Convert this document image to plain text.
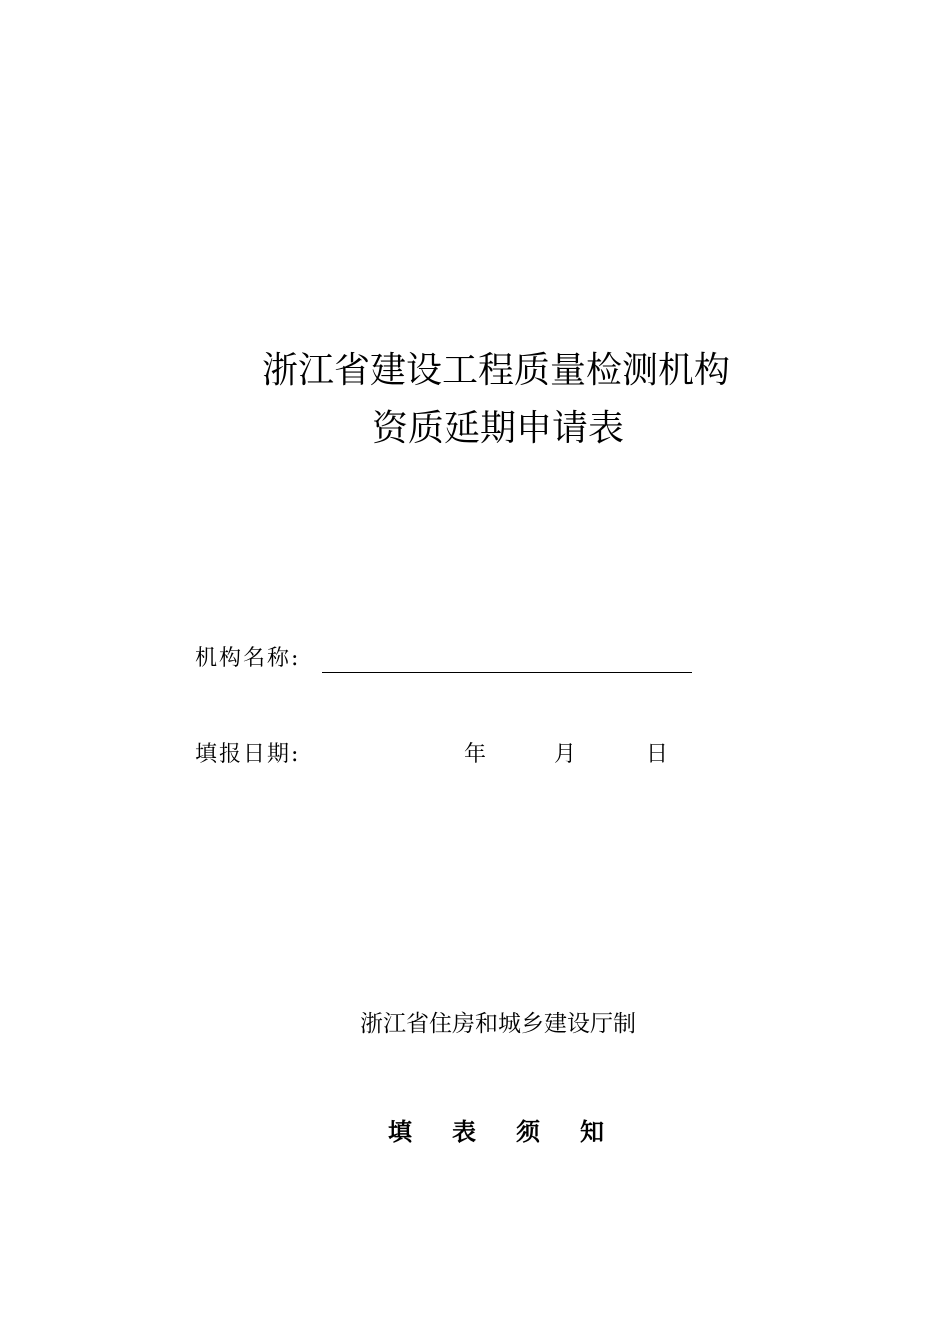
浙江省建设工程质量检测机构
资质延期申请表
机构名称:
填报日期:	年	月	日
浙江省住房和城乡建设厅制
填 表 须 知
